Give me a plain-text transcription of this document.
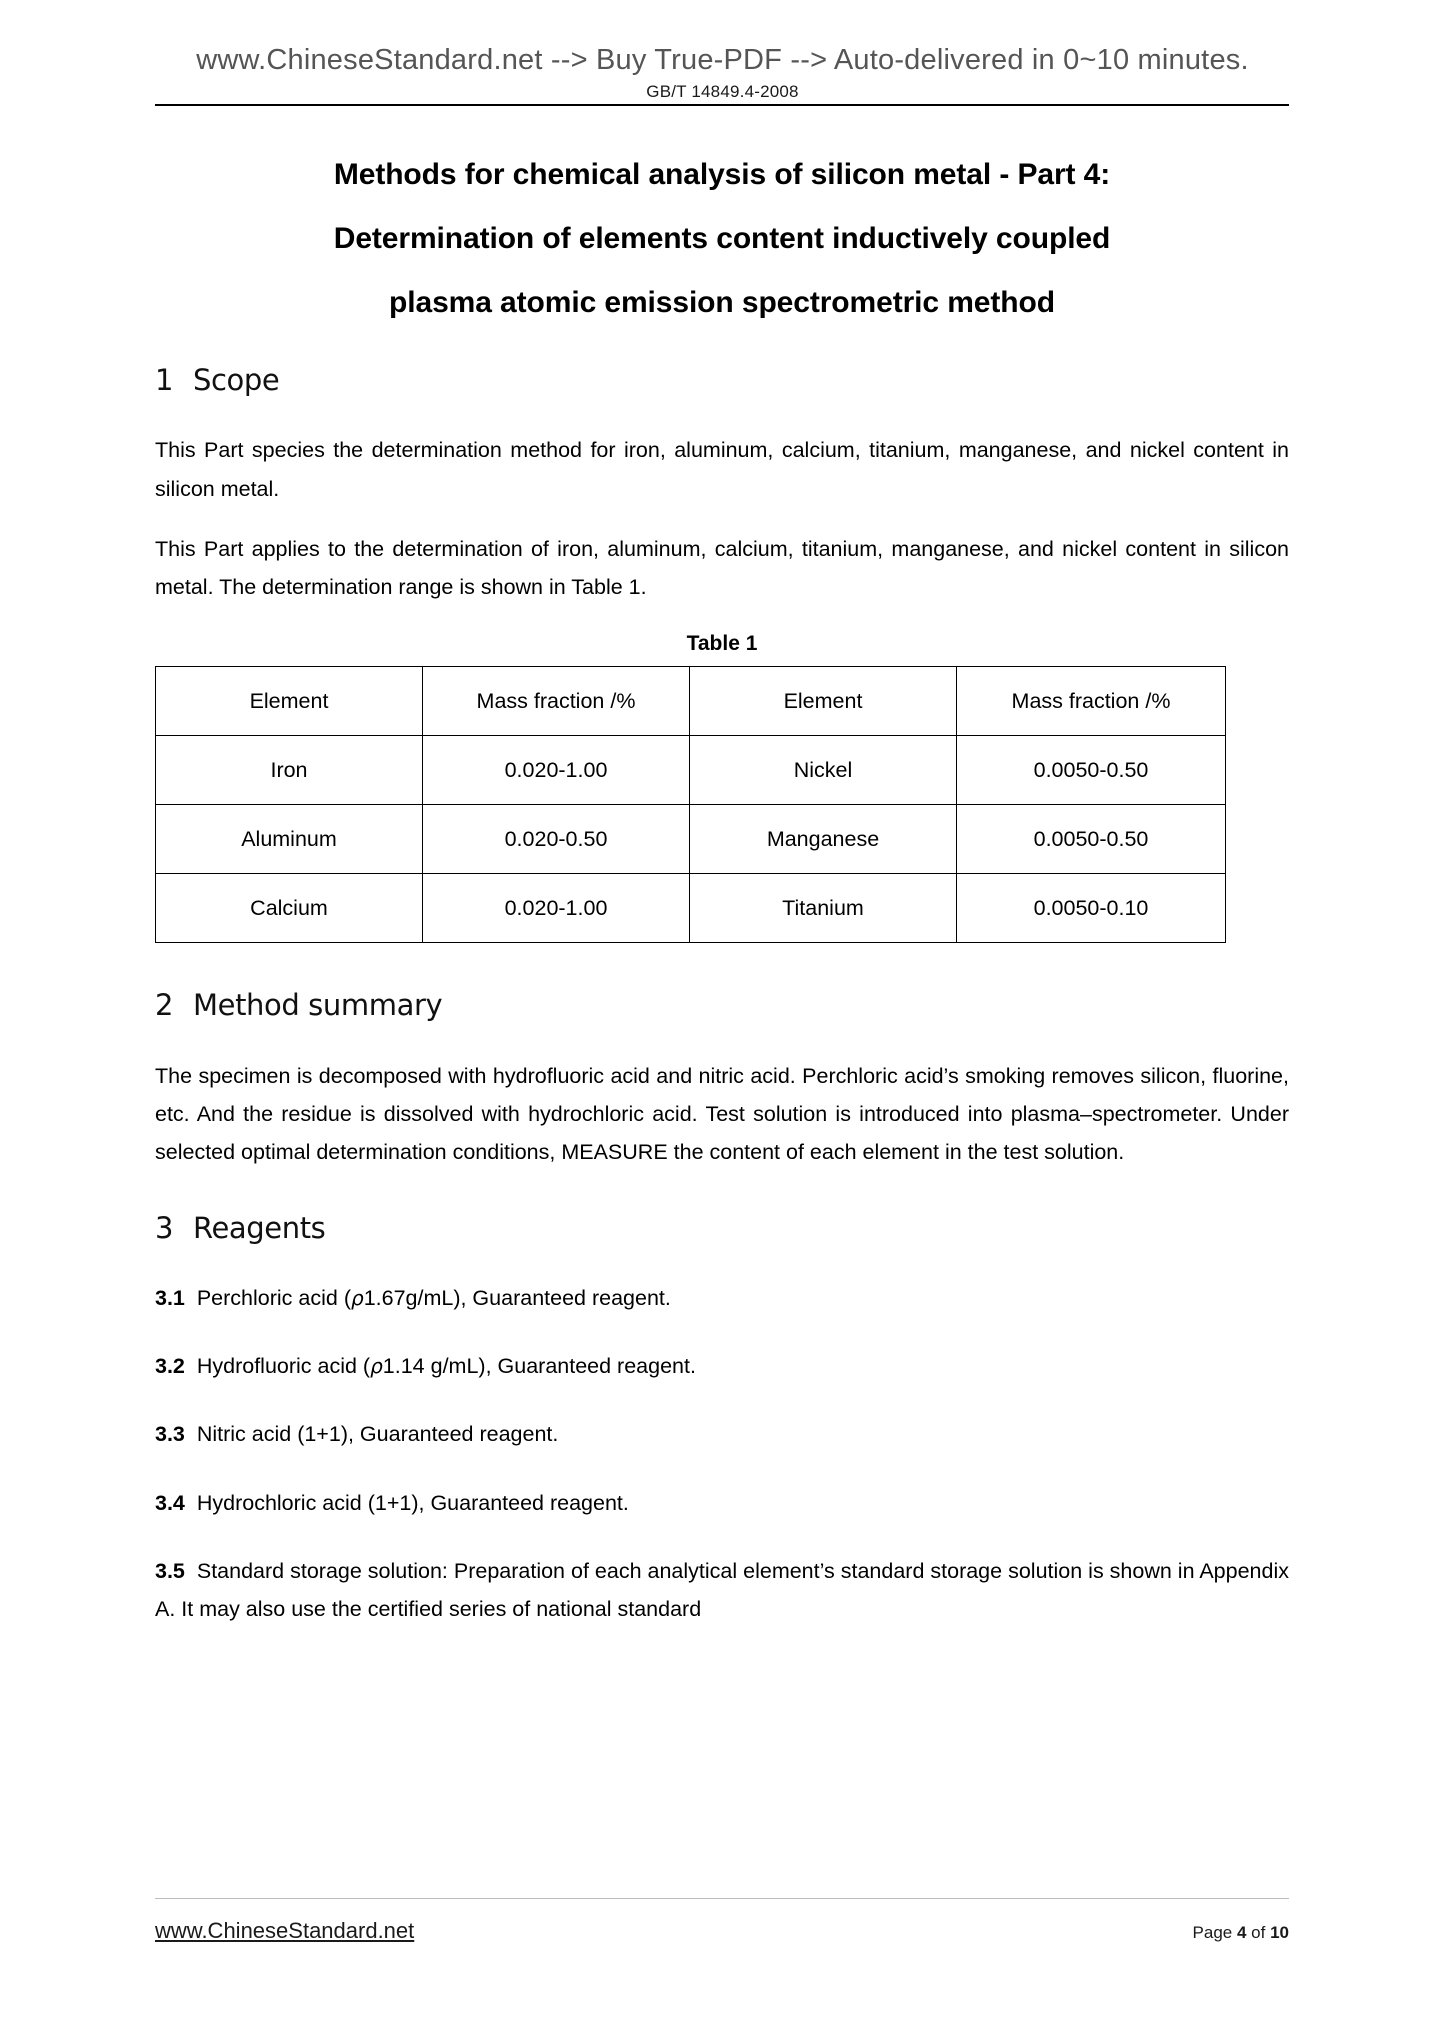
www.ChineseStandard.net --> Buy True-PDF --> Auto-delivered in 0~10 minutes.
GB/T 14849.4-2008
Methods for chemical analysis of silicon metal - Part 4:
Determination of elements content inductively coupled
plasma atomic emission spectrometric method
1 Scope

This Part species the determination method for iron, aluminum, calcium, titanium, manganese, and nickel content in silicon metal.

This Part applies to the determination of iron, aluminum, calcium, titanium, manganese, and nickel content in silicon metal. The determination range is shown in Table 1.

Table 1
Element	Mass fraction /%	Element	Mass fraction /%
Iron	0.020-1.00	Nickel	0.0050-0.50
Aluminum	0.020-0.50	Manganese	0.0050-0.50
Calcium	0.020-1.00	Titanium	0.0050-0.10
2 Method summary

The specimen is decomposed with hydrofluoric acid and nitric acid. Perchloric acid’s smoking removes silicon, fluorine, etc. And the residue is dissolved with hydrochloric acid. Test solution is introduced into plasma–spectrometer. Under selected optimal determination conditions, MEASURE the content of each element in the test solution.

3 Reagents

3.1 Perchloric acid (ρ1.67g/mL), Guaranteed reagent.

3.2 Hydrofluoric acid (ρ1.14 g/mL), Guaranteed reagent.

3.3 Nitric acid (1+1), Guaranteed reagent.

3.4 Hydrochloric acid (1+1), Guaranteed reagent.

3.5 Standard storage solution: Preparation of each analytical element’s standard storage solution is shown in Appendix A. It may also use the certified series of national standard

www.ChineseStandard.net	Page 4 of 10
